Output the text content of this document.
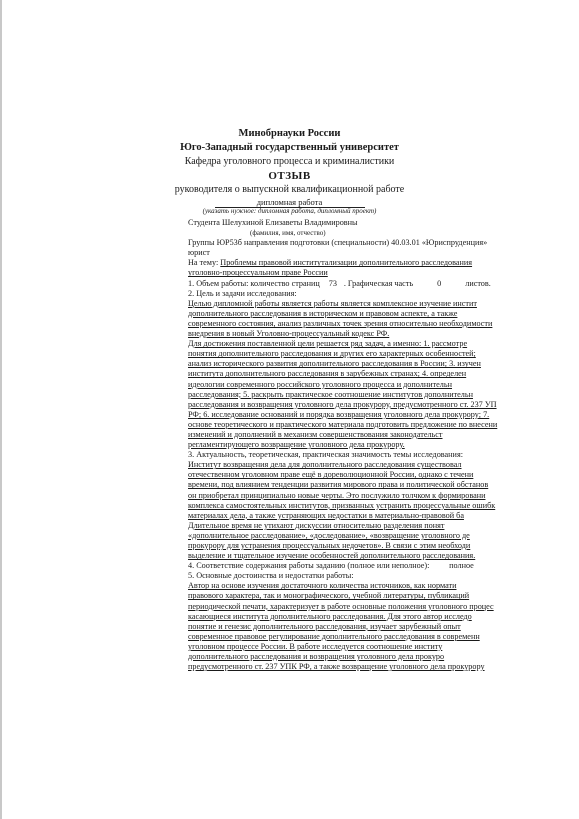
Минобрнауки России
Юго-Западный государственный университет
Кафедра уголовного процесса и криминалистики
ОТЗЫВ
руководителя о выпускной квалификационной работе
дипломная работа
(указать нужное: дипломная работа, дипломный проект)
Студента Шелухиной Елизаветы Владимировны
(фамилия, имя, отчество)
Группы ЮР53б направления подготовки (специальности) 40.03.01 «Юриспруденция»
юрист
На тему: Проблемы правовой институтализации дополнительного расследования
уголовно-процессуальном праве России
1. Объем работы: количество страниц 73 . Графическая часть	0	листов.
2. Цель и задачи исследования:
Целью дипломной работы является работы является комплексное изучение инстит
дополнительного расследования в историческом и правовом аспекте, а также
современного состояния, анализ различных точек зрения относительно необходимости
внедрения в новый Уголовно-процессуальный кодекс РФ.
Для достижения поставленной цели решается ряд задач, а именно: 1. рассмотре
понятия дополнительного расследования и других его характерных особенностей;
анализ исторического развития дополнительного расследования в России; 3. изучен
института дополнительного расследования в зарубежных странах; 4. определен
идеологии современного российского уголовного процесса и дополнительн
расследования; 5. раскрыть практическое соотношение институтов дополнительн
расследования и возвращения уголовного дела прокурору, предусмотренного ст. 237 УП
РФ; 6. исследование оснований и порядка возвращения уголовного дела прокурору; 7.
основе теоретического и практического материала подготовить предложение по внесени
изменений и дополнений в механизм совершенствования законодательст
регламентирующего возвращение уголовного дела прокурору.
3. Актуальность, теоретическая, практическая значимость темы исследования:
Институт возвращения дела для дополнительного расследования существовал
отечественном уголовном праве ещё в дореволюционной России, однако с течени
времени, под влиянием тенденции развития мирового права и политической обстанов
он приобретал принципиально новые черты. Это послужило толчком к формировани
комплекса самостоятельных институтов, призванных устранить процессуальные ошибк
материалах дела, а также устраняющих недостатки в материально-правовой ба
Длительное время не утихают дискуссии относительно разделения понят
«дополнительное расследование», «доследование», «возвращение уголовного де
прокурору для устранения процессуальных недочетов». В связи с этим необходи
выделение и тщательное изучение особенностей дополнительного расследования.
4. Соответствие содержания работы заданию (полное или неполное): полное
5. Основные достоинства и недостатки работы:
Автор на основе изучения достаточного количества источников, как нормати
правового характера, так и монографического, учебной литературы, публикаций
периодической печати, характеризует в работе основные положения уголовного процес
касающиеся института дополнительного расследования. Для этого автор исследо
понятие и генезис дополнительного расследования, изучает зарубежный опыт
современное правовое регулирование дополнительного расследования в современн
уголовном процессе России. В работе исследуется соотношение институ
дополнительного расследования и возвращения уголовного дела прокуро
предусмотренного ст. 237 УПК РФ, а также возвращение уголовного дела прокурору
